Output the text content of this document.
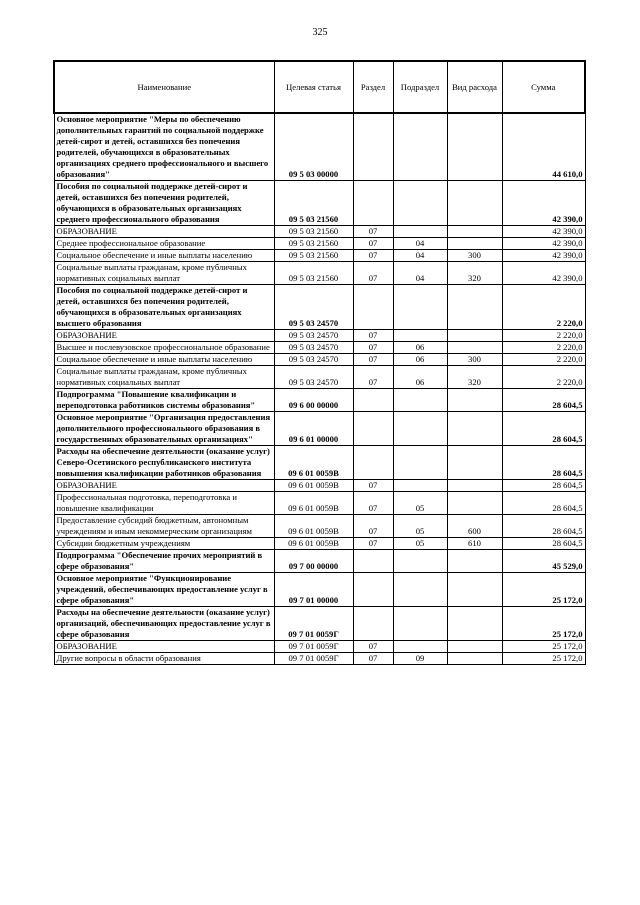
325
Наименование	Целевая статья	Раздел	Подраздел	Вид расхода	Сумма
Основное мероприятие "Меры по обеспечению дополнительных гарантий по социальной поддержке детей-сирот и детей, оставшихся без попечения родителей, обучающихся в образовательных организациях среднего профессионального и высшего образования"	09 5 03 00000				44 610,0
Пособия по социальной поддержке детей-сирот и детей, оставшихся без попечения родителей, обучающихся в образовательных организациях среднего профессионального образования	09 5 03 21560				42 390,0
ОБРАЗОВАНИЕ	09 5 03 21560	07			42 390,0
Среднее профессиональное образование	09 5 03 21560	07	04		42 390,0
Социальное обеспечение и иные выплаты населению	09 5 03 21560	07	04	300	42 390,0
Социальные выплаты гражданам, кроме публичных нормативных социальных выплат	09 5 03 21560	07	04	320	42 390,0
Пособия по социальной поддержке детей-сирот и детей, оставшихся без попечения родителей, обучающихся в образовательных организациях высшего образования	09 5 03 24570				2 220,0
ОБРАЗОВАНИЕ	09 5 03 24570	07			2 220,0
Высшее и послевузовское профессиональное образование	09 5 03 24570	07	06		2 220,0
Социальное обеспечение и иные выплаты населению	09 5 03 24570	07	06	300	2 220,0
Социальные выплаты гражданам, кроме публичных нормативных социальных выплат	09 5 03 24570	07	06	320	2 220,0
Подпрограмма "Повышение квалификации и переподготовка работников системы образования"	09 6 00 00000				28 604,5
Основное мероприятие "Организация предоставления дополнительного профессионального образования в государственных образовательных организациях"	09 6 01 00000				28 604,5
Расходы на обеспечение деятельности (оказание услуг) Северо-Осетинского республиканского института повышения квалификации работников образования	09 6 01 0059В				28 604,5
ОБРАЗОВАНИЕ	09 6 01 0059В	07			28 604,5
Профессиональная подготовка, переподготовка и повышение квалификации	09 6 01 0059В	07	05		28 604,5
Предоставление субсидий бюджетным, автономным учреждениям и иным некоммерческим организациям	09 6 01 0059В	07	05	600	28 604,5
Субсидии бюджетным учреждениям	09 6 01 0059В	07	05	610	28 604,5
Подпрограмма "Обеспечение прочих мероприятий в сфере образования"	09 7 00 00000				45 529,0
Основное мероприятие "Функционирование учреждений, обеспечивающих предоставление услуг в сфере образования"	09 7 01 00000				25 172,0
Расходы на обеспечение деятельности (оказание услуг) организаций, обеспечивающих предоставление услуг в сфере образования	09 7 01 0059Г				25 172,0
ОБРАЗОВАНИЕ	09 7 01 0059Г	07			25 172,0
Другие вопросы в области образования	09 7 01 0059Г	07	09		25 172,0
